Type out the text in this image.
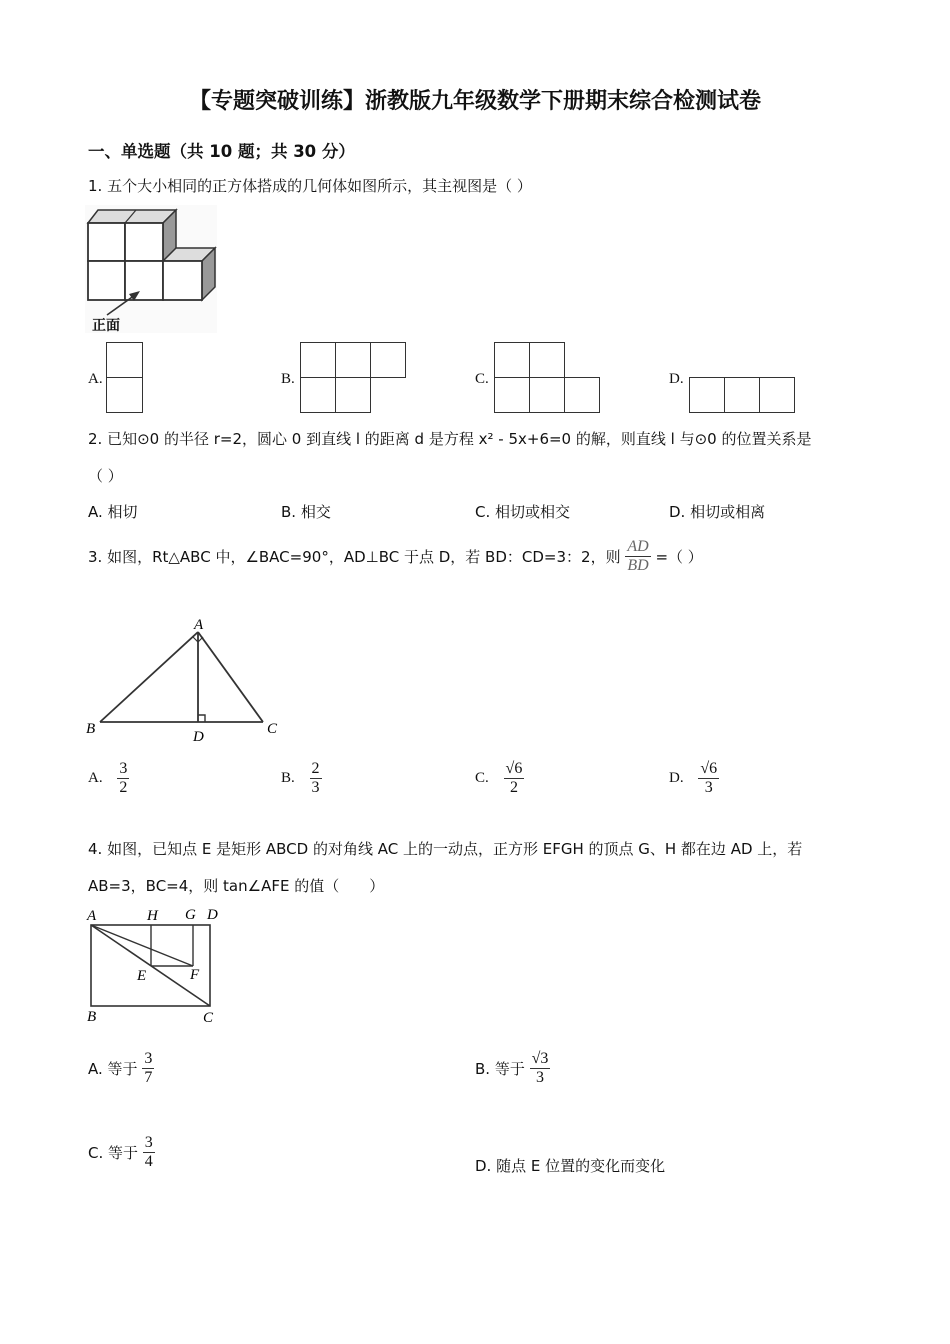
【专题突破训练】浙教版九年级数学下册期末综合检测试卷
一、单选题（共 10 题；共 30 分）
1. 五个大小相同的正方体搭成的几何体如图所示，其主视图是（ ）
正面
A.	B.	C.	D.
2. 已知⊙0 的半径 r=2，圆心 0 到直线 l 的距离 d 是方程 x² - 5x+6=0 的解，则直线 l 与⊙0 的位置关系是
（ ）
A. 相切	B. 相交	C. 相切或相交	D. 相切或相离
3. 如图，Rt△ABC 中，∠BAC=90°，AD⊥BC 于点 D，若 BD：CD=3：2，则 $\frac{AD}{BD}$ =（ ）
A
B	C
D
A. $\frac{3}{2}$	B. $\frac{2}{3}$	C. $\frac{√6}{2}$	D. $\frac{√6}{3}$
4. 如图，已知点 E 是矩形 ABCD 的对角线 AC 上的一动点，正方形 EFGH 的顶点 G、H 都在边 AD 上，若
AB=3，BC=4，则 tan∠AFE 的值（　　）
A	H G D
E	F
B	C
A. 等于 $\frac{3}{7}$	B. 等于 $\frac{√3}{3}$
C. 等于 $\frac{3}{4}$	D. 随点 E 位置的变化而变化
